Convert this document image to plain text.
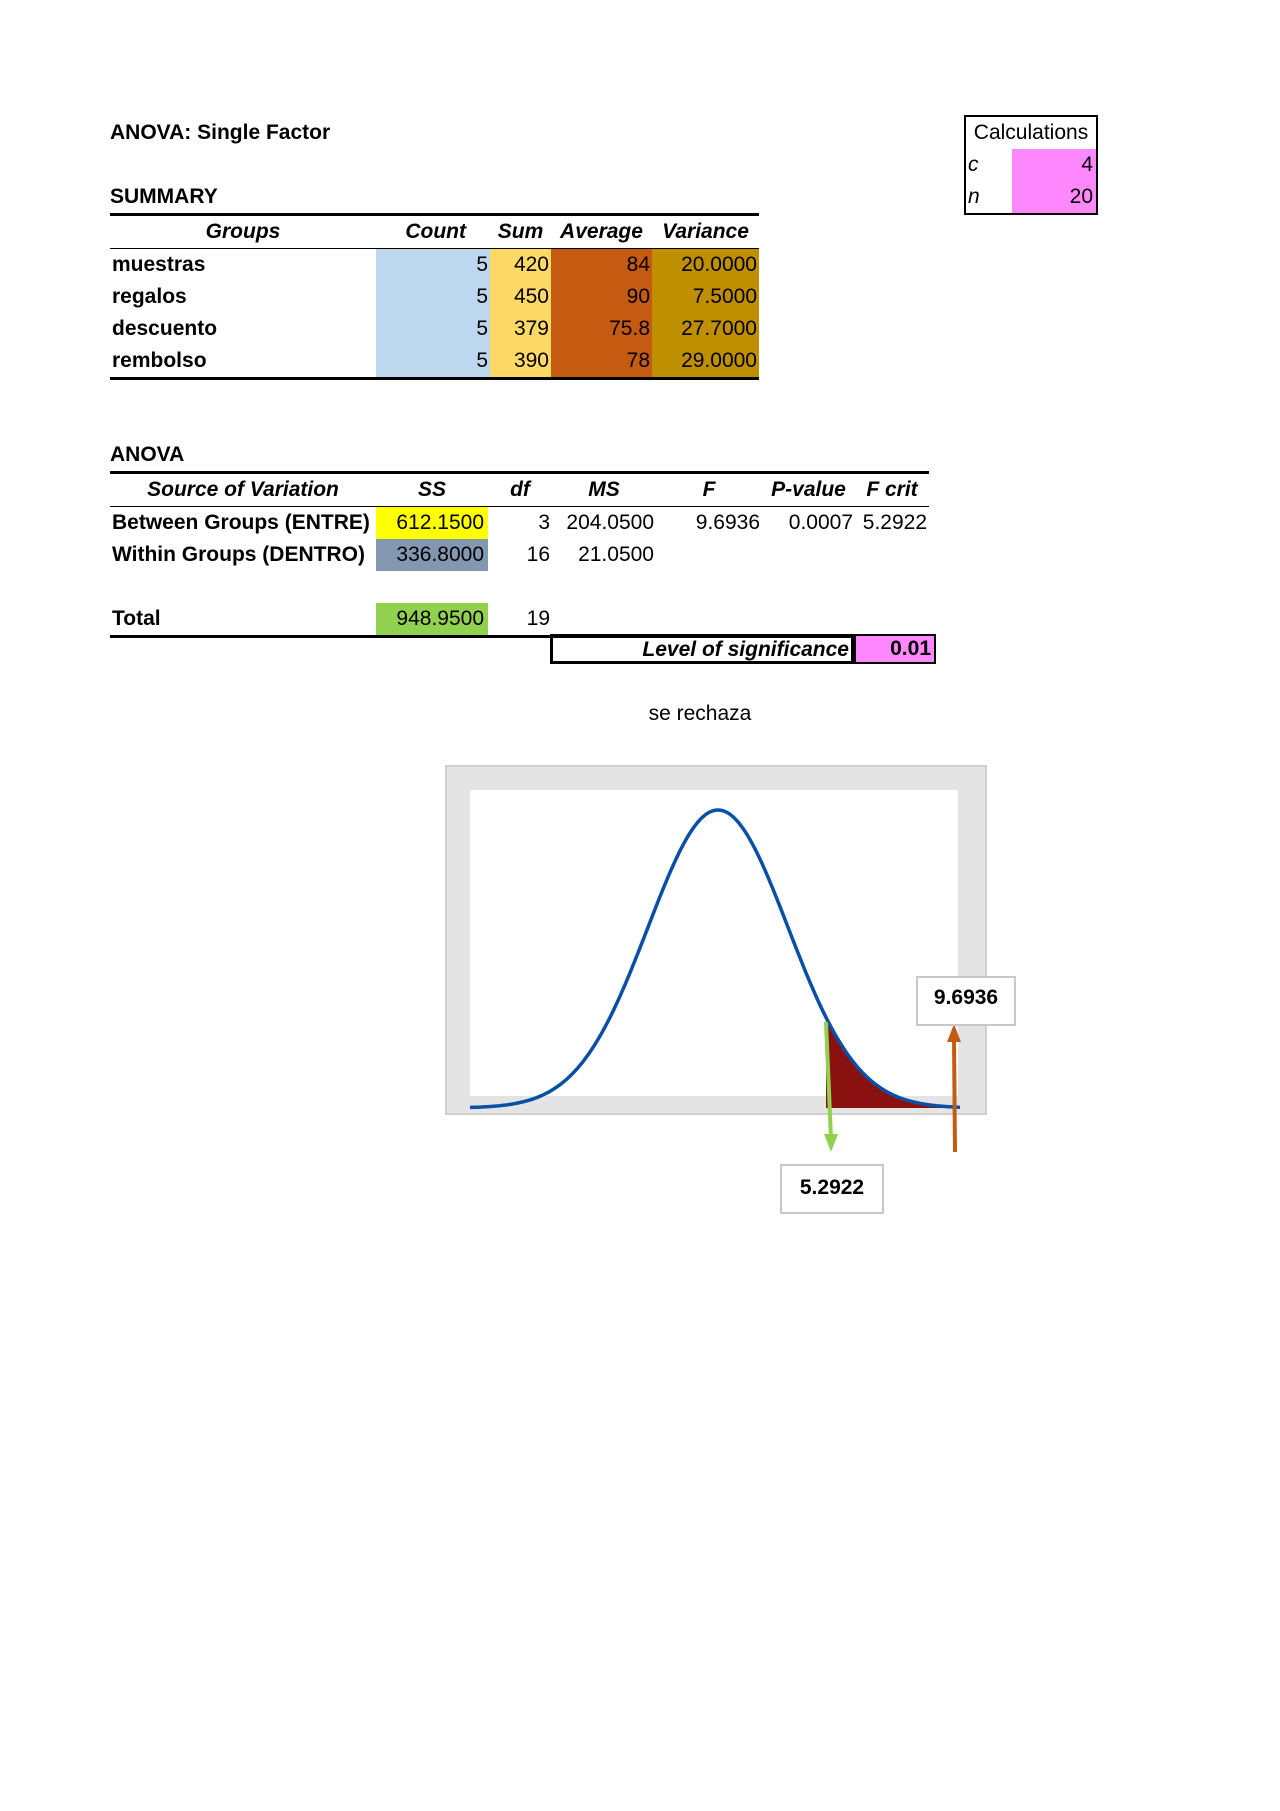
ANOVA: Single Factor
SUMMARY
Groups	Count	Sum	Average	Variance
muestras	5	420	84	20.0000
regalos	5	450	90	7.5000
descuento	5	379	75.8	27.7000
rembolso	5	390	78	29.0000
ANOVA
Source of Variation	SS	df	MS	F	P-value	F crit
Between Groups (ENTRE)	612.1500	3	204.0500	9.6936	0.0007	5.2922
Within Groups (DENTRO)	336.8000	16	21.0500			

Total	948.9500	19				
Level of significance	0.01
Calculations
c	4
n	20
se rechaza
9.6936
5.2922
